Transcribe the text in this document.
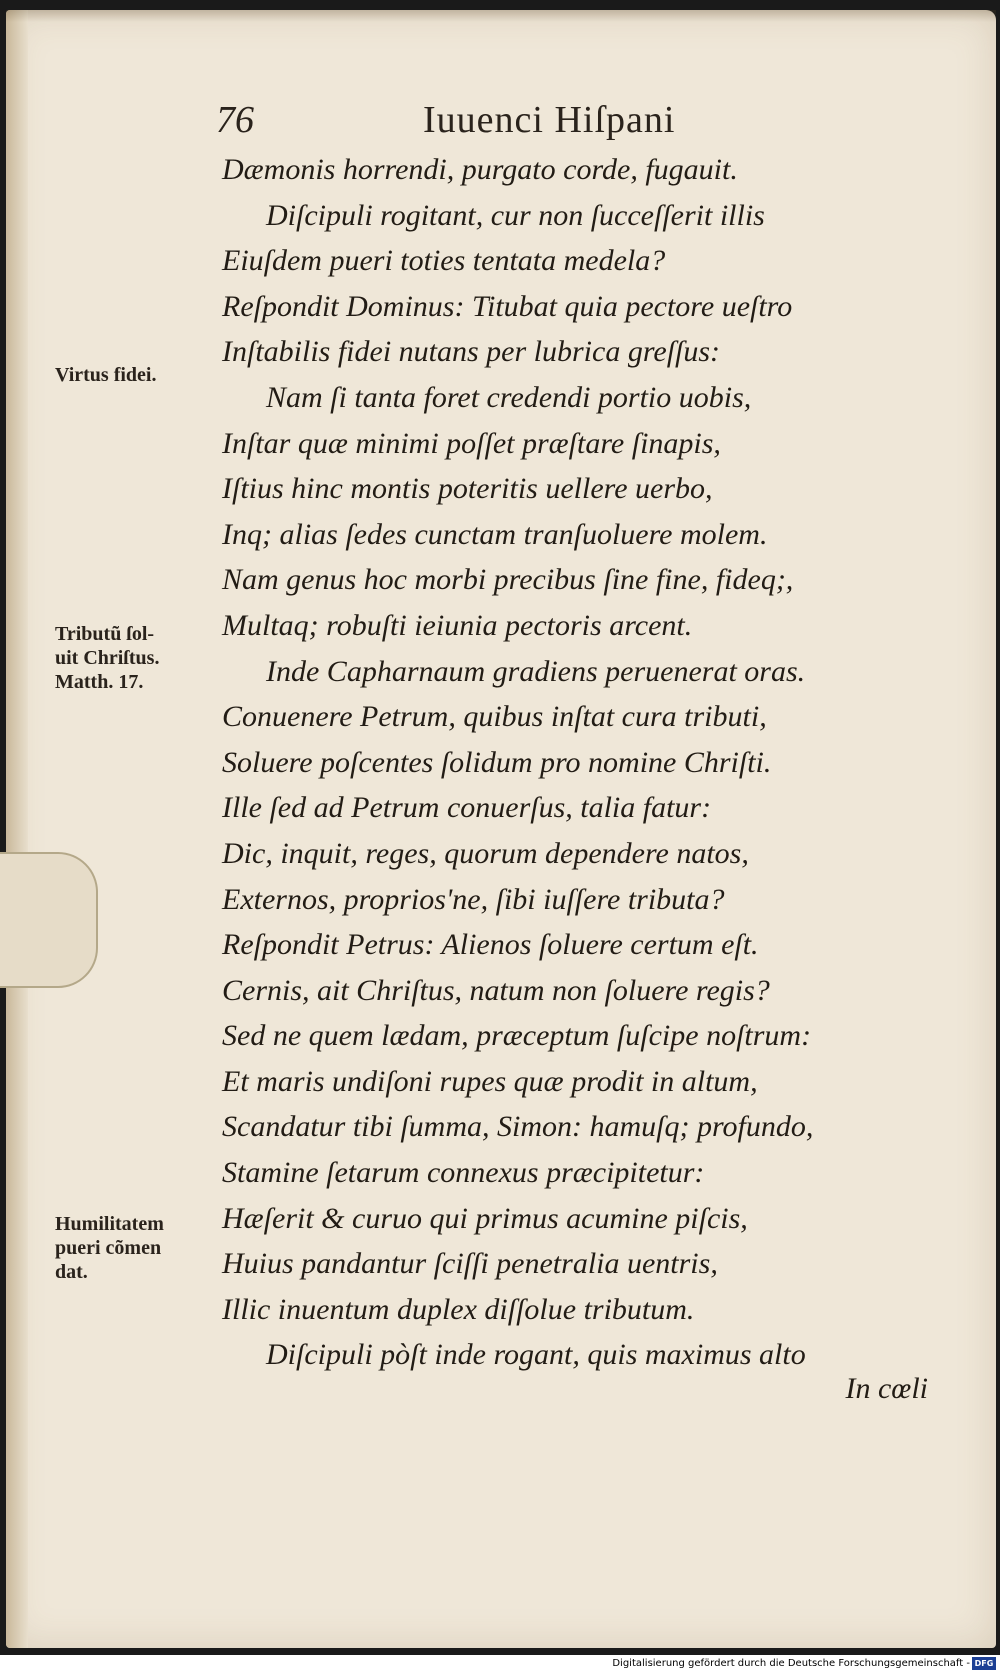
76	Iuuenci Hiſpani
Dæmonis horrendi, purgato corde, fugauit.
Diſcipuli rogitant, cur non ſucceſſerit illis
Eiuſdem pueri toties tentata medela?
Reſpondit Dominus: Titubat quia pectore ueſtro
Inſtabilis fidei nutans per lubrica greſſus:
Nam ſi tanta foret credendi portio uobis,
Inſtar quæ minimi poſſet præſtare ſinapis,
Iſtius hinc montis poteritis uellere uerbo,
Inq; alias ſedes cunctam tranſuoluere molem.
Nam genus hoc morbi precibus ſine fine, fideq;,
Multaq; robuſti ieiunia pectoris arcent.
Inde Capharnaum gradiens peruenerat oras.
Conuenere Petrum, quibus inſtat cura tributi,
Soluere poſcentes ſolidum pro nomine Chriſti.
Ille ſed ad Petrum conuerſus, talia fatur:
Dic, inquit, reges, quorum dependere natos,
Externos, proprios'ne, ſibi iuſſere tributa?
Reſpondit Petrus: Alienos ſoluere certum eſt.
Cernis, ait Chriſtus, natum non ſoluere regis?
Sed ne quem lædam, præceptum ſuſcipe noſtrum:
Et maris undiſoni rupes quæ prodit in altum,
Scandatur tibi ſumma, Simon: hamuſq; profundo,
Stamine ſetarum connexus præcipitetur:
Hæſerit & curuo qui primus acumine piſcis,
Huius pandantur ſciſſi penetralia uentris,
Illic inuentum duplex diſſolue tributum.
Diſcipuli pòſt inde rogant, quis maximus alto
In cœli
Virtus fidei.
Tributũ ſol-
uit Chriſtus.
Matth. 17.
Humilitatem
pueri cõmen
dat.
Digitalisierung gefördert durch die Deutsche Forschungsgemeinschaft - DFG
